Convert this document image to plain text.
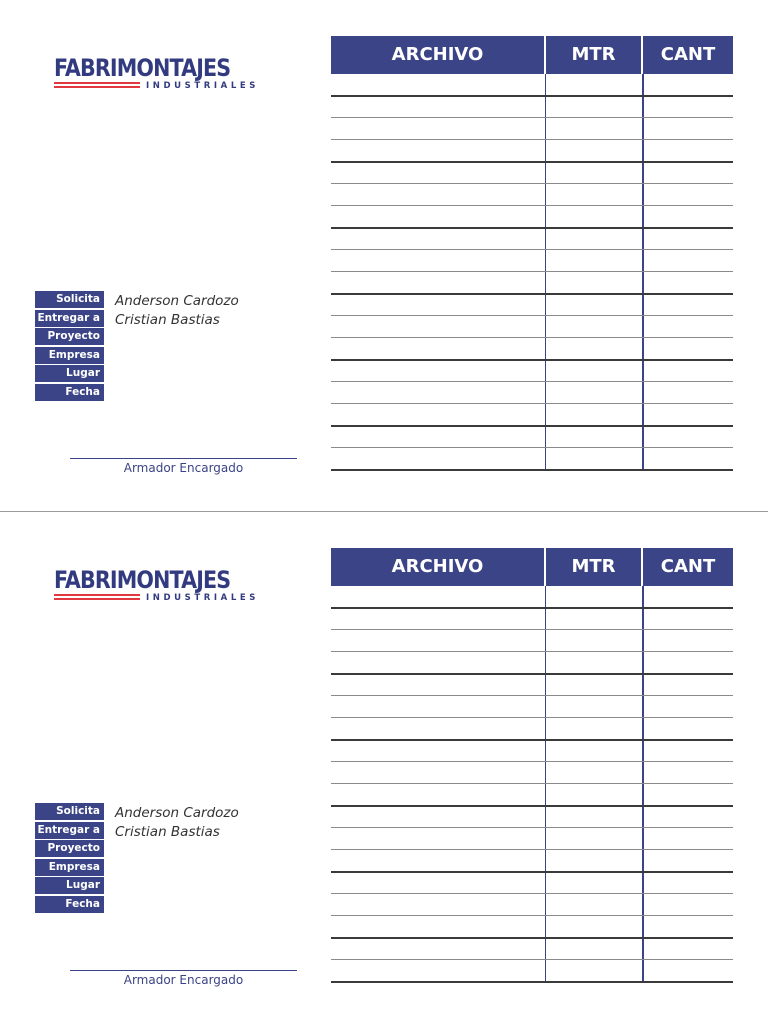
FABRIMONTAJES
INDUSTRIALES
Solicita
Entregar a
Proyecto
Empresa
Lugar
Fecha
Anderson Cardozo
Cristian Bastias
Armador Encargado
ARCHIVO	MTR	CANT
FABRIMONTAJES
INDUSTRIALES
Solicita
Entregar a
Proyecto
Empresa
Lugar
Fecha
Anderson Cardozo
Cristian Bastias
Armador Encargado
ARCHIVO	MTR	CANT
